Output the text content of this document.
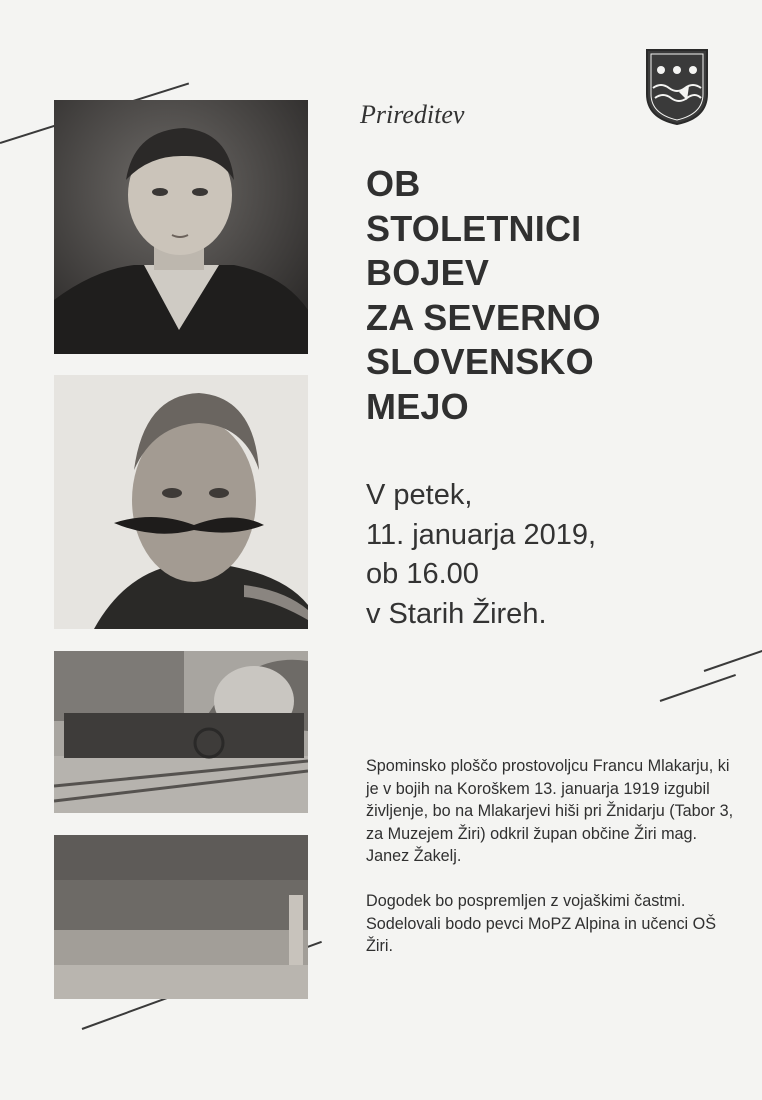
Prireditev
OB
STOLETNICI
BOJEV
ZA SEVERNO
SLOVENSKO
MEJO
V petek,
11. januarja 2019,
ob 16.00
v Starih Žireh.

Spominsko ploščo prostovoljcu Francu Mlakarju, ki je v bojih na Koroškem 13. januarja 1919 izgubil življenje, bo na Mlakarjevi hiši pri Žnidarju (Tabor 3, za Muzejem Žiri) odkril župan občine Žiri mag. Janez Žakelj.

Dogodek bo pospremljen z vojaškimi častmi. Sodelovali bodo pevci MoPZ Alpina in učenci OŠ Žiri.
